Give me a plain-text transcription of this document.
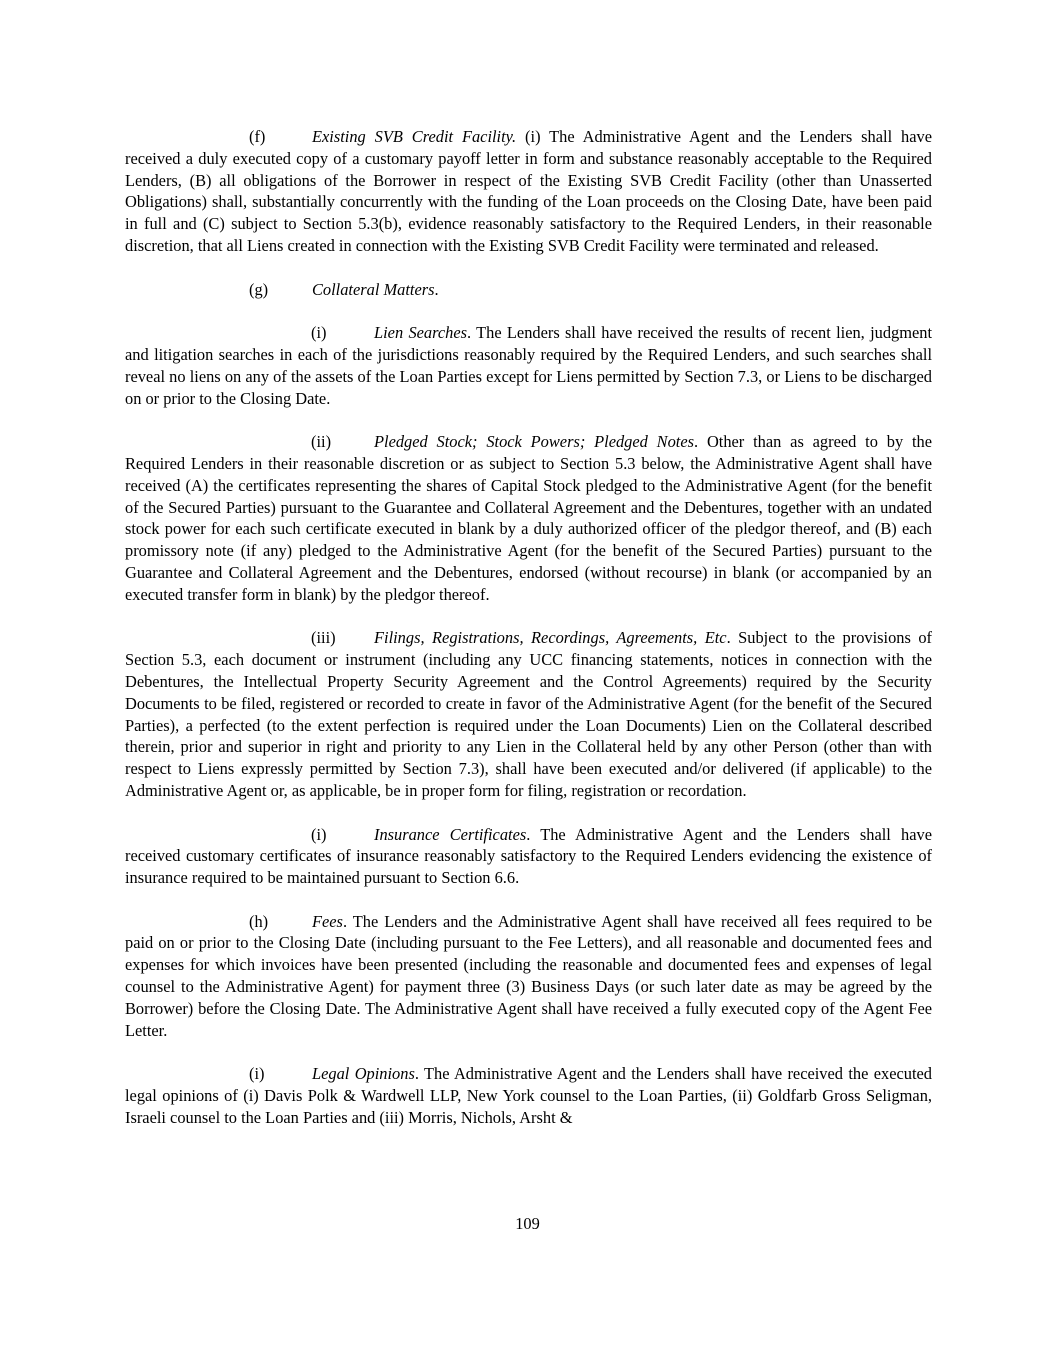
(f)	Existing SVB Credit Facility. (i) The Administrative Agent and the Lenders shall have received a duly executed copy of a customary payoff letter in form and substance reasonably acceptable to the Required Lenders, (B) all obligations of the Borrower in respect of the Existing SVB Credit Facility (other than Unasserted Obligations) shall, substantially concurrently with the funding of the Loan proceeds on the Closing Date, have been paid in full and (C) subject to Section 5.3(b), evidence reasonably satisfactory to the Required Lenders, in their reasonable discretion, that all Liens created in connection with the Existing SVB Credit Facility were terminated and released.

(g)	Collateral Matters.

(i)	Lien Searches. The Lenders shall have received the results of recent lien, judgment and litigation searches in each of the jurisdictions reasonably required by the Required Lenders, and such searches shall reveal no liens on any of the assets of the Loan Parties except for Liens permitted by Section 7.3, or Liens to be discharged on or prior to the Closing Date.

(ii)	Pledged Stock; Stock Powers; Pledged Notes. Other than as agreed to by the Required Lenders in their reasonable discretion or as subject to Section 5.3 below, the Administrative Agent shall have received (A) the certificates representing the shares of Capital Stock pledged to the Administrative Agent (for the benefit of the Secured Parties) pursuant to the Guarantee and Collateral Agreement and the Debentures, together with an undated stock power for each such certificate executed in blank by a duly authorized officer of the pledgor thereof, and (B) each promissory note (if any) pledged to the Administrative Agent (for the benefit of the Secured Parties) pursuant to the Guarantee and Collateral Agreement and the Debentures, endorsed (without recourse) in blank (or accompanied by an executed transfer form in blank) by the pledgor thereof.

(iii) Filings, Registrations, Recordings, Agreements, Etc. Subject to the provisions of Section 5.3, each document or instrument (including any UCC financing statements, notices in connection with the Debentures, the Intellectual Property Security Agreement and the Control Agreements) required by the Security Documents to be filed, registered or recorded to create in favor of the Administrative Agent (for the benefit of the Secured Parties), a perfected (to the extent perfection is required under the Loan Documents) Lien on the Collateral described therein, prior and superior in right and priority to any Lien in the Collateral held by any other Person (other than with respect to Liens expressly permitted by Section 7.3), shall have been executed and/or delivered (if applicable) to the Administrative Agent or, as applicable, be in proper form for filing, registration or recordation.

(i)	Insurance Certificates. The Administrative Agent and the Lenders shall have received customary certificates of insurance reasonably satisfactory to the Required Lenders evidencing the existence of insurance required to be maintained pursuant to Section 6.6.

(h)	Fees. The Lenders and the Administrative Agent shall have received all fees required to be paid on or prior to the Closing Date (including pursuant to the Fee Letters), and all reasonable and documented fees and expenses for which invoices have been presented (including the reasonable and documented fees and expenses of legal counsel to the Administrative Agent) for payment three (3) Business Days (or such later date as may be agreed by the Borrower) before the Closing Date. The Administrative Agent shall have received a fully executed copy of the Agent Fee Letter.

(i)	Legal Opinions. The Administrative Agent and the Lenders shall have received the executed legal opinions of (i) Davis Polk & Wardwell LLP, New York counsel to the Loan Parties, (ii) Goldfarb Gross Seligman, Israeli counsel to the Loan Parties and (iii) Morris, Nichols, Arsht &

109
